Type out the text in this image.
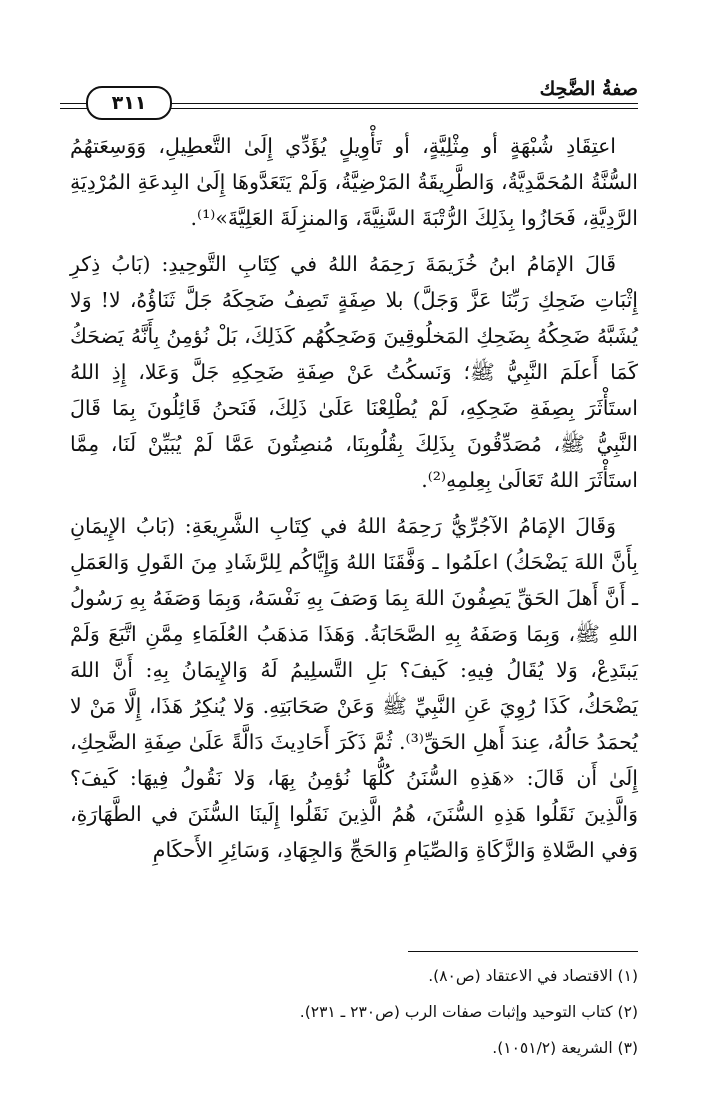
صفةُ الضَّحِك
٣١١

اعتِقَادِ شُبْهَةٍ أو مِثْلِيَّةٍ، أو تَأْوِيلٍ يُؤَدِّي إِلَىٰ التَّعطِيلِ، وَوَسِعَتهُمُ السُّنَّةُ المُحَمَّدِيَّةُ، وَالطَّرِيقَةُ المَرْضِيَّةُ، وَلَمْ يَتَعَدَّوهَا إِلَىٰ البِدعَةِ المُرْدِيَةِ الرَّدِيَّةِ، فَحَازُوا بِذَلِكَ الرُّتْبَةَ السَّنِيَّةَ، وَالمنزِلَةَ العَلِيَّةَ»⁽¹⁾.

قَالَ الإمَامُ ابنُ خُزَيمَةَ رَحِمَهُ اللهُ في كِتَابِ التَّوحِيدِ: (بَابُ ذِكرِ إِثْبَاتِ ضَحِكِ رَبِّنَا عَزَّ وَجَلَّ) بلا صِفَةٍ تَصِفُ ضَحِكَهُ جَلَّ ثَنَاؤُهُ، لا! وَلا يُشَبَّهُ ضَحِكُهُ بِضَحِكِ المَخلُوقِينَ وَضَحِكُهُم كَذَلِكَ، بَلْ نُؤمِنُ بِأَنَّهُ يَضحَكُ كَمَا أَعلَمَ النَّبِيُّ ﷺ؛ وَنَسكُتُ عَنْ صِفَةِ ضَحِكِهِ جَلَّ وَعَلا، إِذِ اللهُ استَأْثَرَ بِصِفَةِ ضَحِكِهِ، لَمْ يُطْلِعْنَا عَلَىٰ ذَلِكَ، فَنَحنُ قَائِلُونَ بِمَا قَالَ النَّبِيُّ ﷺ، مُصَدِّقُونَ بِذَلِكَ بِقُلُوبِنَا، مُنصِتُونَ عَمَّا لَمْ يُبَيِّنْ لَنَا، مِمَّا استَأْثَرَ اللهُ تَعَالَىٰ بِعِلمِهِ⁽²⁾.

وَقَالَ الإمَامُ الآجُرِّيُّ رَحِمَهُ اللهُ في كِتَابِ الشَّرِيعَةِ: (بَابُ الإِيمَانِ بِأَنَّ اللهَ يَضْحَكُ) اعلَمُوا ـ وَفَّقَنَا اللهُ وَإِيَّاكُم لِلرَّشَادِ مِنَ القَولِ وَالعَمَلِ ـ أَنَّ أَهلَ الحَقِّ يَصِفُونَ اللهَ بِمَا وَصَفَ بِهِ نَفْسَهُ، وَبِمَا وَصَفَهُ بِهِ رَسُولُ اللهِ ﷺ، وَبِمَا وَصَفَهُ بِهِ الصَّحَابَةُ. وَهَذَا مَذهَبُ العُلَمَاءِ مِمَّنِ اتَّبَعَ وَلَمْ يَبتَدِعْ، وَلا يُقَالُ فِيهِ: كَيفَ؟ بَلِ التَّسلِيمُ لَهُ وَالإِيمَانُ بِهِ: أَنَّ اللهَ يَضْحَكُ، كَذَا رُوِيَ عَنِ النَّبِيِّ ﷺ وَعَنْ صَحَابَتِهِ. وَلا يُنكِرُ هَذَا، إِلَّا مَنْ لا يُحمَدُ حَالُهُ، عِندَ أَهلِ الحَقِّ⁽³⁾. ثُمَّ ذَكَرَ أَحَادِيثَ دَالَّةً عَلَىٰ صِفَةِ الضَّحِكِ، إِلَىٰ أَن قَالَ: «هَذِهِ السُّنَنُ كُلُّهَا نُؤمِنُ بِهَا، وَلا نَقُولُ فِيهَا: كَيفَ؟ وَالَّذِينَ نَقَلُوا هَذِهِ السُّنَنَ، هُمُ الَّذِينَ نَقَلُوا إِلَينَا السُّنَنَ في الطَّهَارَةِ، وَفي الصَّلاةِ وَالزَّكَاةِ وَالصِّيَامِ وَالحَجِّ وَالجِهَادِ، وَسَائِرِ الأَحكَامِ

(١) الاقتصاد في الاعتقاد (ص٨٠).
(٢) كتاب التوحيد وإثبات صفات الرب (ص٢٣٠ ـ ٢٣١).
(٣) الشريعة (١٠٥١/٢).
